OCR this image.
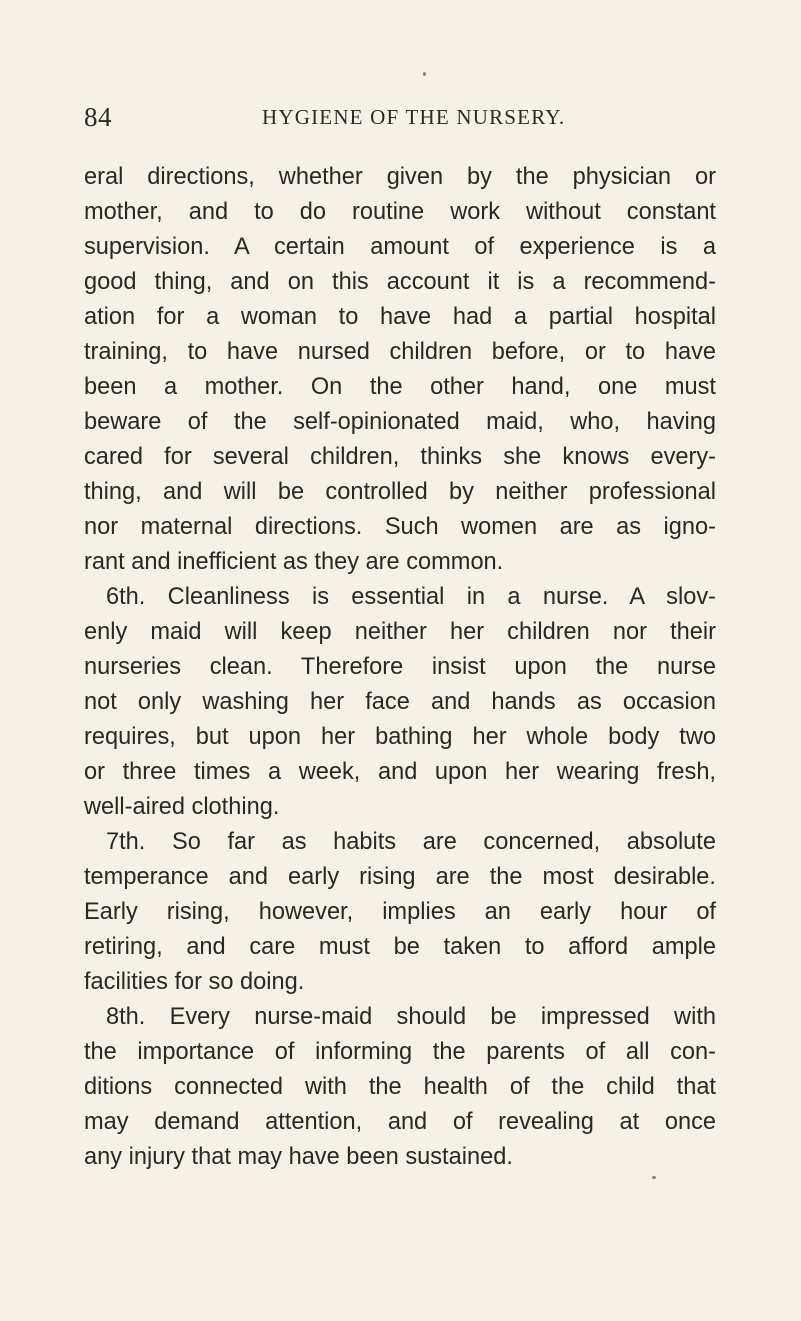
84	HYGIENE OF THE NURSERY.
eral directions, whether given by the physician or
mother, and to do routine work without constant
supervision. A certain amount of experience is a
good thing, and on this account it is a recommend-
ation for a woman to have had a partial hospital
training, to have nursed children before, or to have
been a mother. On the other hand, one must
beware of the self-opinionated maid, who, having
cared for several children, thinks she knows every-
thing, and will be controlled by neither professional
nor maternal directions. Such women are as igno-
rant and inefficient as they are common.
6th. Cleanliness is essential in a nurse. A slov-
enly maid will keep neither her children nor their
nurseries clean. Therefore insist upon the nurse
not only washing her face and hands as occasion
requires, but upon her bathing her whole body two
or three times a week, and upon her wearing fresh,
well-aired clothing.
7th. So far as habits are concerned, absolute
temperance and early rising are the most desirable.
Early rising, however, implies an early hour of
retiring, and care must be taken to afford ample
facilities for so doing.
8th. Every nurse-maid should be impressed with
the importance of informing the parents of all con-
ditions connected with the health of the child that
may demand attention, and of revealing at once
any injury that may have been sustained.
